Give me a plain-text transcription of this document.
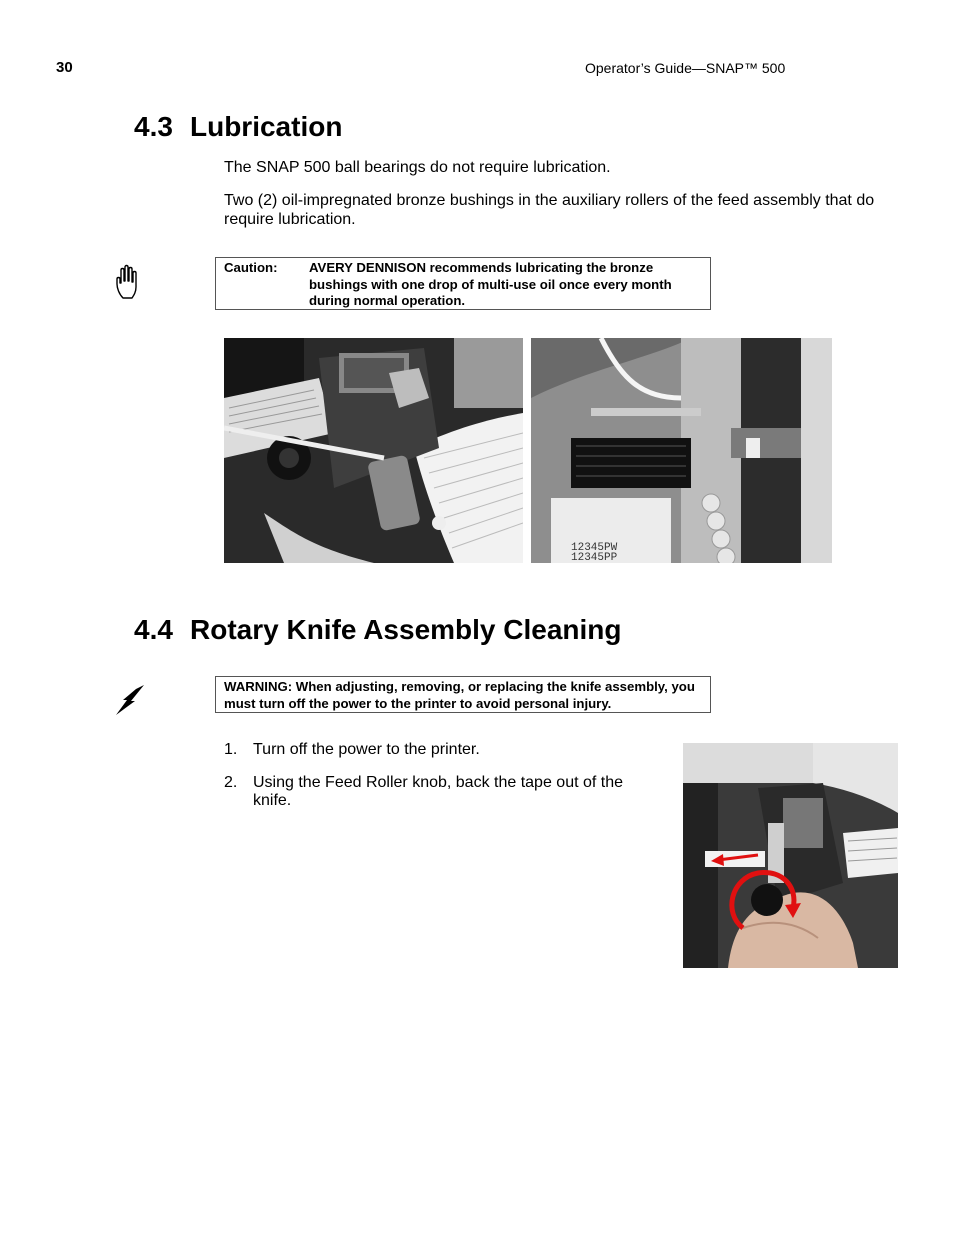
30	Operator’s Guide—SNAP™ 500
4.3 Lubrication

The SNAP 500 ball bearings do not require lubrication.

Two (2) oil-impregnated bronze bushings in the auxiliary rollers of the feed assembly that do require lubrication.

Caution: AVERY DENNISON recommends lubricating the bronze bushings with one drop of multi-use oil once every month during normal operation.
12345PW
12345PP
4.4 Rotary Knife Assembly Cleaning
WARNING: When adjusting, removing, or replacing the knife assembly, you must turn off the power to the printer to avoid personal injury.
1. Turn off the power to the printer.
2. Using the Feed Roller knob, back the tape out of the knife.
